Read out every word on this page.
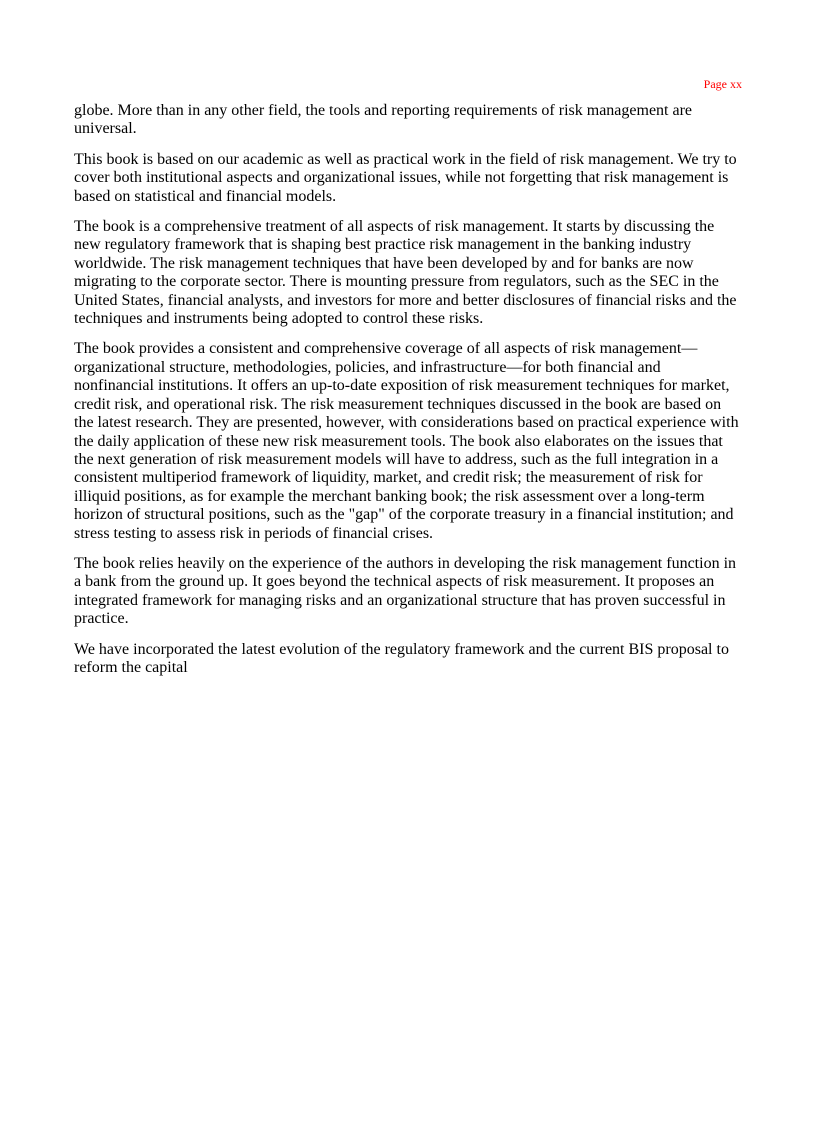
Page xx

globe. More than in any other field, the tools and reporting requirements of risk management are universal.

This book is based on our academic as well as practical work in the field of risk management. We try to cover both institutional aspects and organizational issues, while not forgetting that risk management is based on statistical and financial models.

The book is a comprehensive treatment of all aspects of risk management. It starts by discussing the new regulatory framework that is shaping best practice risk management in the banking industry worldwide. The risk management techniques that have been developed by and for banks are now migrating to the corporate sector. There is mounting pressure from regulators, such as the SEC in the United States, financial analysts, and investors for more and better disclosures of financial risks and the techniques and instruments being adopted to control these risks.

The book provides a consistent and comprehensive coverage of all aspects of risk management—organizational structure, methodologies, policies, and infrastructure—for both financial and nonfinancial institutions. It offers an up-to-date exposition of risk measurement techniques for market, credit risk, and operational risk. The risk measurement techniques discussed in the book are based on the latest research. They are presented, however, with considerations based on practical experience with the daily application of these new risk measurement tools. The book also elaborates on the issues that the next generation of risk measurement models will have to address, such as the full integration in a consistent multiperiod framework of liquidity, market, and credit risk; the measurement of risk for illiquid positions, as for example the merchant banking book; the risk assessment over a long-term horizon of structural positions, such as the "gap" of the corporate treasury in a financial institution; and stress testing to assess risk in periods of financial crises.

The book relies heavily on the experience of the authors in developing the risk management function in a bank from the ground up. It goes beyond the technical aspects of risk measurement. It proposes an integrated framework for managing risks and an organizational structure that has proven successful in practice.

We have incorporated the latest evolution of the regulatory framework and the current BIS proposal to reform the capital
